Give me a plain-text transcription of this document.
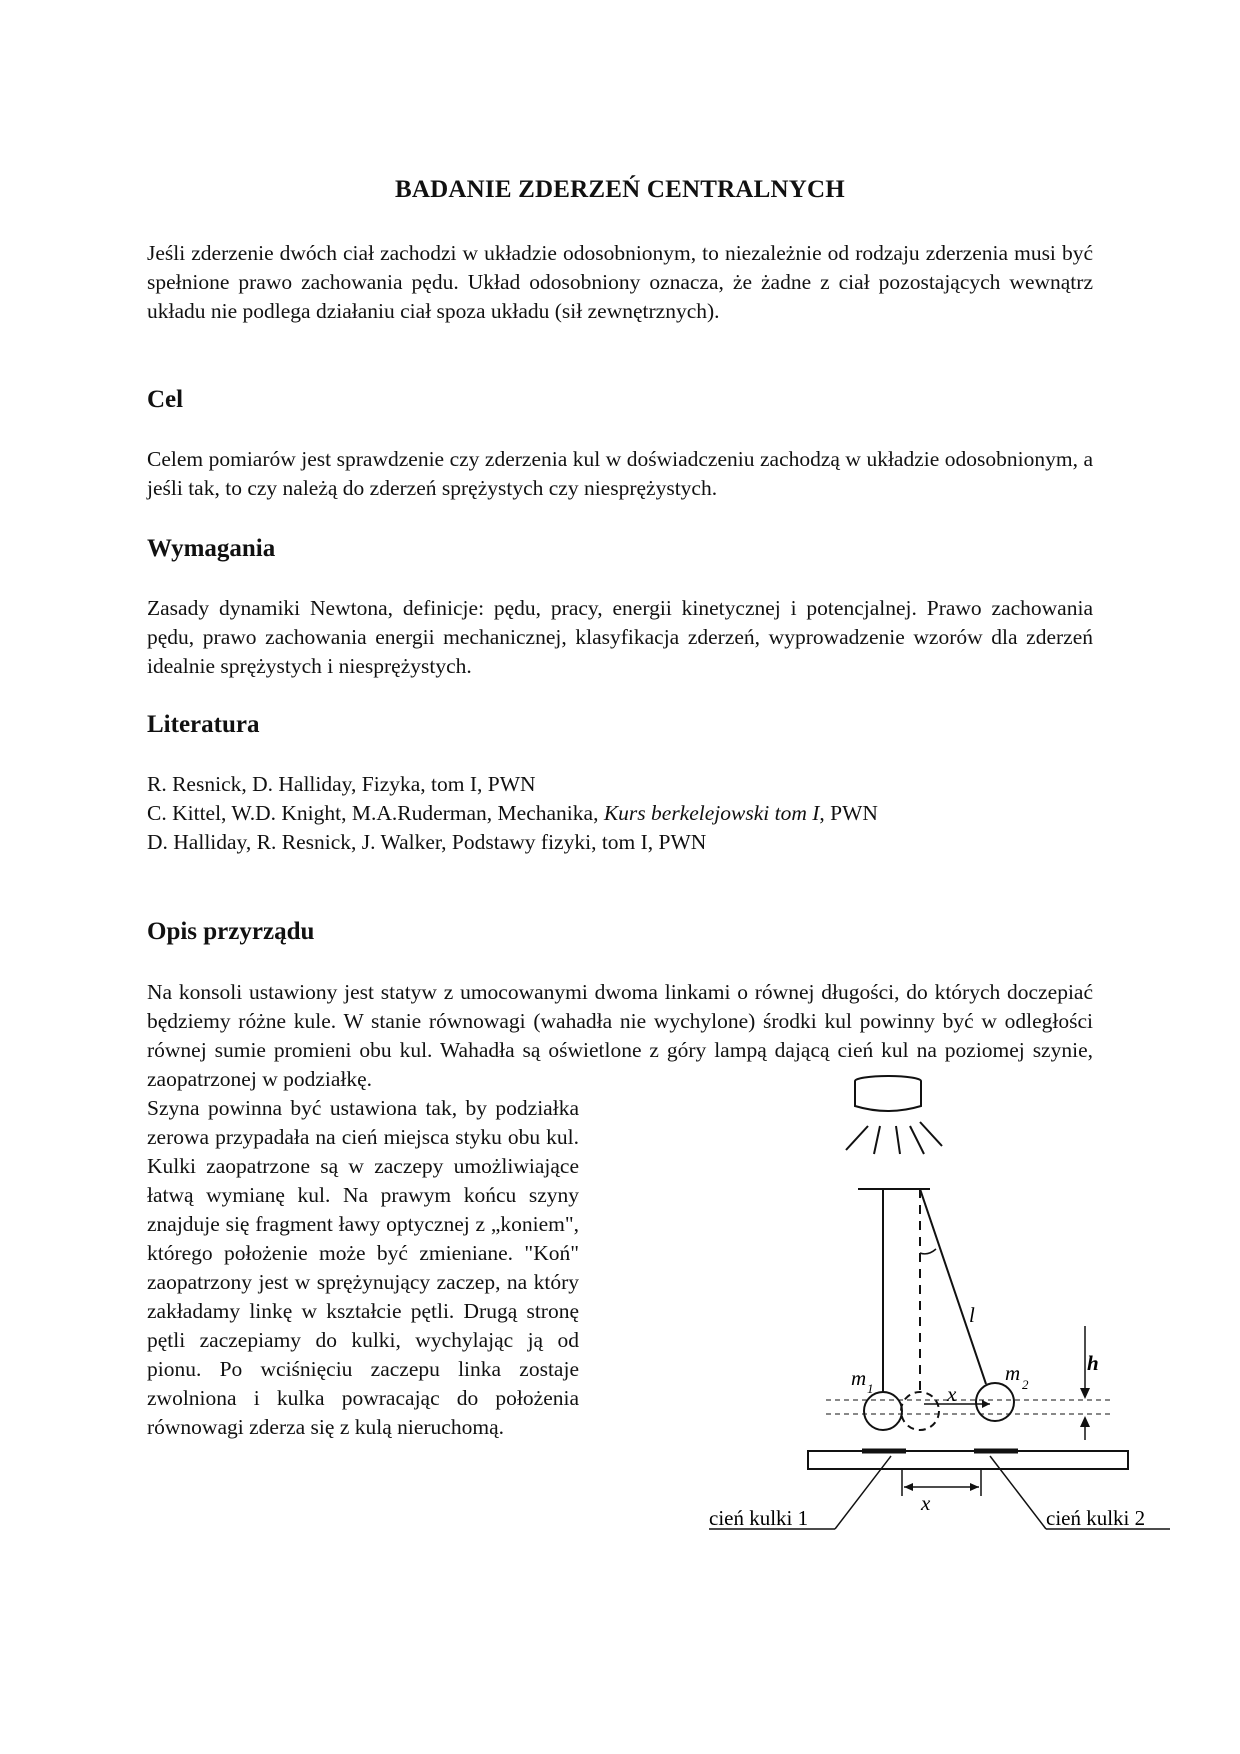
BADANIE ZDERZEŃ CENTRALNYCH

Jeśli zderzenie dwóch ciał zachodzi w układzie odosobnionym, to niezależnie od rodzaju zderzenia musi być spełnione prawo zachowania pędu. Układ odosobniony oznacza, że żadne z ciał pozostających wewnątrz układu nie podlega działaniu ciał spoza układu (sił zewnętrznych).

Cel

Celem pomiarów jest sprawdzenie czy zderzenia kul w doświadczeniu zachodzą w układzie odosobnionym, a jeśli tak, to czy należą do zderzeń sprężystych czy niesprężystych.

Wymagania

Zasady dynamiki Newtona, definicje: pędu, pracy, energii kinetycznej i potencjalnej. Prawo zachowania pędu, prawo zachowania energii mechanicznej, klasyfikacja zderzeń, wyprowadzenie wzorów dla zderzeń idealnie sprężystych i niesprężystych.

Literatura
R. Resnick, D. Halliday, Fizyka, tom I, PWN
C. Kittel, W.D. Knight, M.A.Ruderman, Mechanika, Kurs berkelejowski tom I, PWN
D. Halliday, R. Resnick, J. Walker, Podstawy fizyki, tom I, PWN
Opis przyrządu

Na konsoli ustawiony jest statyw z umocowanymi dwoma linkami o równej długości, do których doczepiać będziemy różne kule. W stanie równowagi (wahadła nie wychylone) środki kul powinny być w odległości równej sumie promieni obu kul. Wahadła są oświetlone z góry lampą dającą cień kul na poziomej szynie, zaopatrzonej w podziałkę.

Szyna powinna być ustawiona tak, by podziałka zerowa przypadała na cień miejsca styku obu kul. Kulki zaopatrzone są w zaczepy umożliwiające łatwą wymianę kul. Na prawym końcu szyny znajduje się fragment ławy optycznej z „koniem", którego położenie może być zmieniane. "Koń" zaopatrzony jest w sprężynujący zaczep, na który zakładamy linkę w kształcie pętli. Drugą stronę pętli zaczepiamy do kulki, wychylając ją od pionu. Po wciśnięciu zaczepu linka zostaje zwolniona i kulka powracając do położenia równowagi zderza się z kulą nieruchomą.

m 1
m 2
x
l
h
x
cień kulki 1	cień kulki 2
